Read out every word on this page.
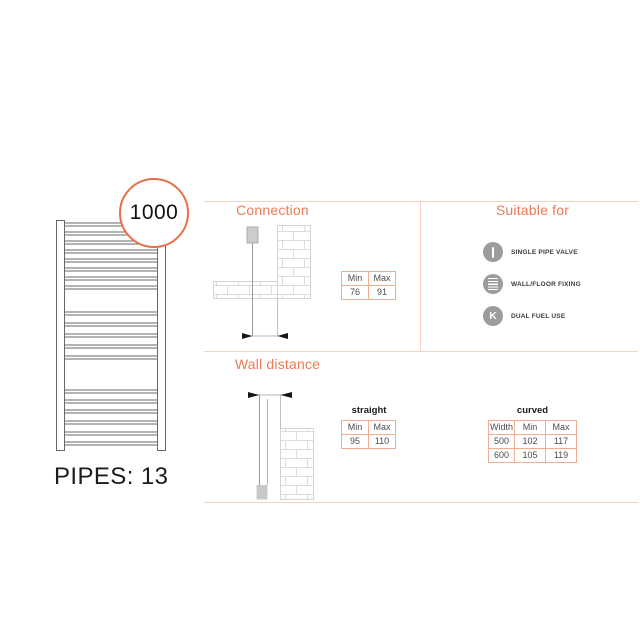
1000
PIPES: 13
Connection
Min	Max
76	91
Suitable for
SINGLE PIPE VALVE
WALL/FLOOR FIXING
K DUAL FUEL USE
Wall distance
straight
Min	Max
95	110
curved
Width	Min	Max
500	102	117
600	105	119
